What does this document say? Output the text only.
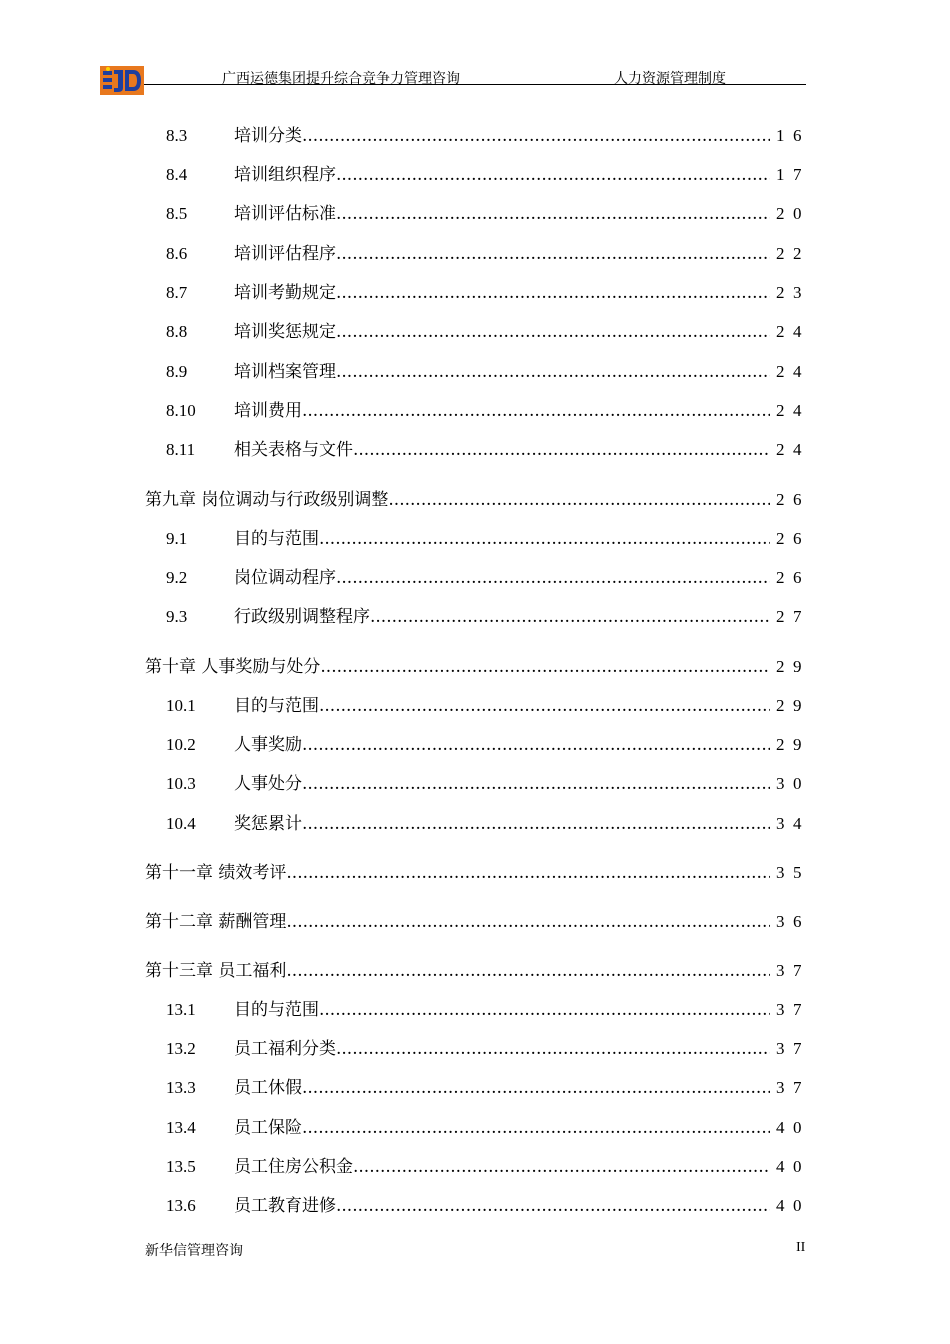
广西运德集团提升综合竞争力管理咨询	人力资源管理制度
8.3	培训分类 .....	16
8.4	培训组织程序 .....	17
8.5	培训评估标准 .....	20
8.6	培训评估程序 .....	22
8.7	培训考勤规定 .....	23
8.8	培训奖惩规定 .....	24
8.9	培训档案管理 .....	24
8.10	培训费用 .....	24
8.11	相关表格与文件 .....	24
第九章 岗位调动与行政级别调整 .....	26
9.1	目的与范围 .....	26
9.2	岗位调动程序 .....	26
9.3	行政级别调整程序 .....	27
第十章 人事奖励与处分 .....	29
10.1	目的与范围 .....	29
10.2	人事奖励 .....	29
10.3	人事处分 .....	30
10.4	奖惩累计 .....	34
第十一章 绩效考评 .....	35
第十二章 薪酬管理 .....	36
第十三章 员工福利 .....	37
13.1	目的与范围 .....	37
13.2	员工福利分类 .....	37
13.3	员工休假 .....	37
13.4	员工保险 .....	40
13.5	员工住房公积金 .....	40
13.6	员工教育进修 .....	40
新华信管理咨询	II
